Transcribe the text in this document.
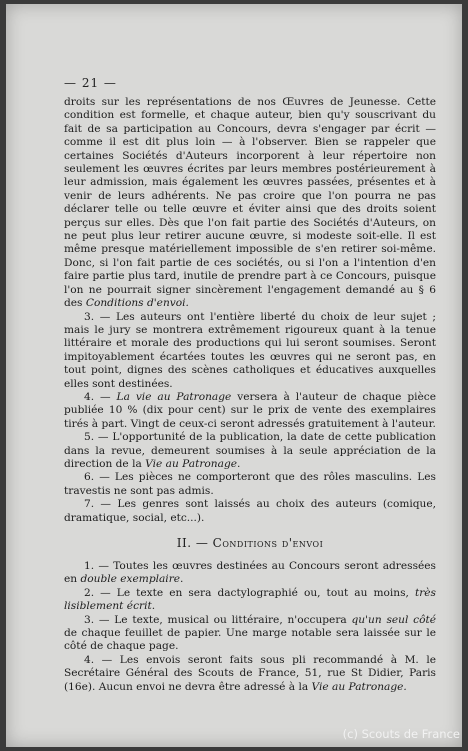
— 21 —

droits sur les représentations de nos Œuvres de Jeunesse. Cette condition est formelle, et chaque auteur, bien qu'y souscrivant du fait de sa participation au Concours, devra s'engager par écrit — comme il est dit plus loin — à l'observer. Bien se rappeler que certaines Sociétés d'Auteurs incorporent à leur répertoire non seulement les œuvres écrites par leurs membres postérieurement à leur admission, mais également les œuvres passées, présentes et à venir de leurs adhérents. Ne pas croire que l'on pourra ne pas déclarer telle ou telle œuvre et éviter ainsi que des droits soient perçus sur elles. Dès que l'on fait partie des Sociétés d'Auteurs, on ne peut plus leur retirer aucune œuvre, si modeste soit-elle. Il est même presque matériellement impossible de s'en retirer soi-même. Donc, si l'on fait partie de ces sociétés, ou si l'on a l'intention d'en faire partie plus tard, inutile de prendre part à ce Concours, puisque l'on ne pourrait signer sincèrement l'engagement demandé au § 6 des Conditions d'envoi.

3. — Les auteurs ont l'entière liberté du choix de leur sujet ; mais le jury se montrera extrêmement rigoureux quant à la tenue littéraire et morale des productions qui lui seront soumises. Seront impitoyablement écartées toutes les œuvres qui ne seront pas, en tout point, dignes des scènes catholiques et éducatives auxquelles elles sont destinées.

4. — La vie au Patronage versera à l'auteur de chaque pièce publiée 10 % (dix pour cent) sur le prix de vente des exemplaires tirés à part. Vingt de ceux-ci seront adressés gratuitement à l'auteur.

5. — L'opportunité de la publication, la date de cette publication dans la revue, demeurent soumises à la seule appréciation de la direction de la Vie au Patronage.

6. — Les pièces ne comporteront que des rôles masculins. Les travestis ne sont pas admis.

7. — Les genres sont laissés au choix des auteurs (comique, dramatique, social, etc...).

II. — Conditions d'envoi

1. — Toutes les œuvres destinées au Concours seront adressées en double exemplaire.

2. — Le texte en sera dactylographié ou, tout au moins, très lisiblement écrit.

3. — Le texte, musical ou littéraire, n'occupera qu'un seul côté de chaque feuillet de papier. Une marge notable sera laissée sur le côté de chaque page.

4. — Les envois seront faits sous pli recommandé à M. le Secrétaire Général des Scouts de France, 51, rue St Didier, Paris (16e). Aucun envoi ne devra être adressé à la Vie au Patronage.

(c) Scouts de France
